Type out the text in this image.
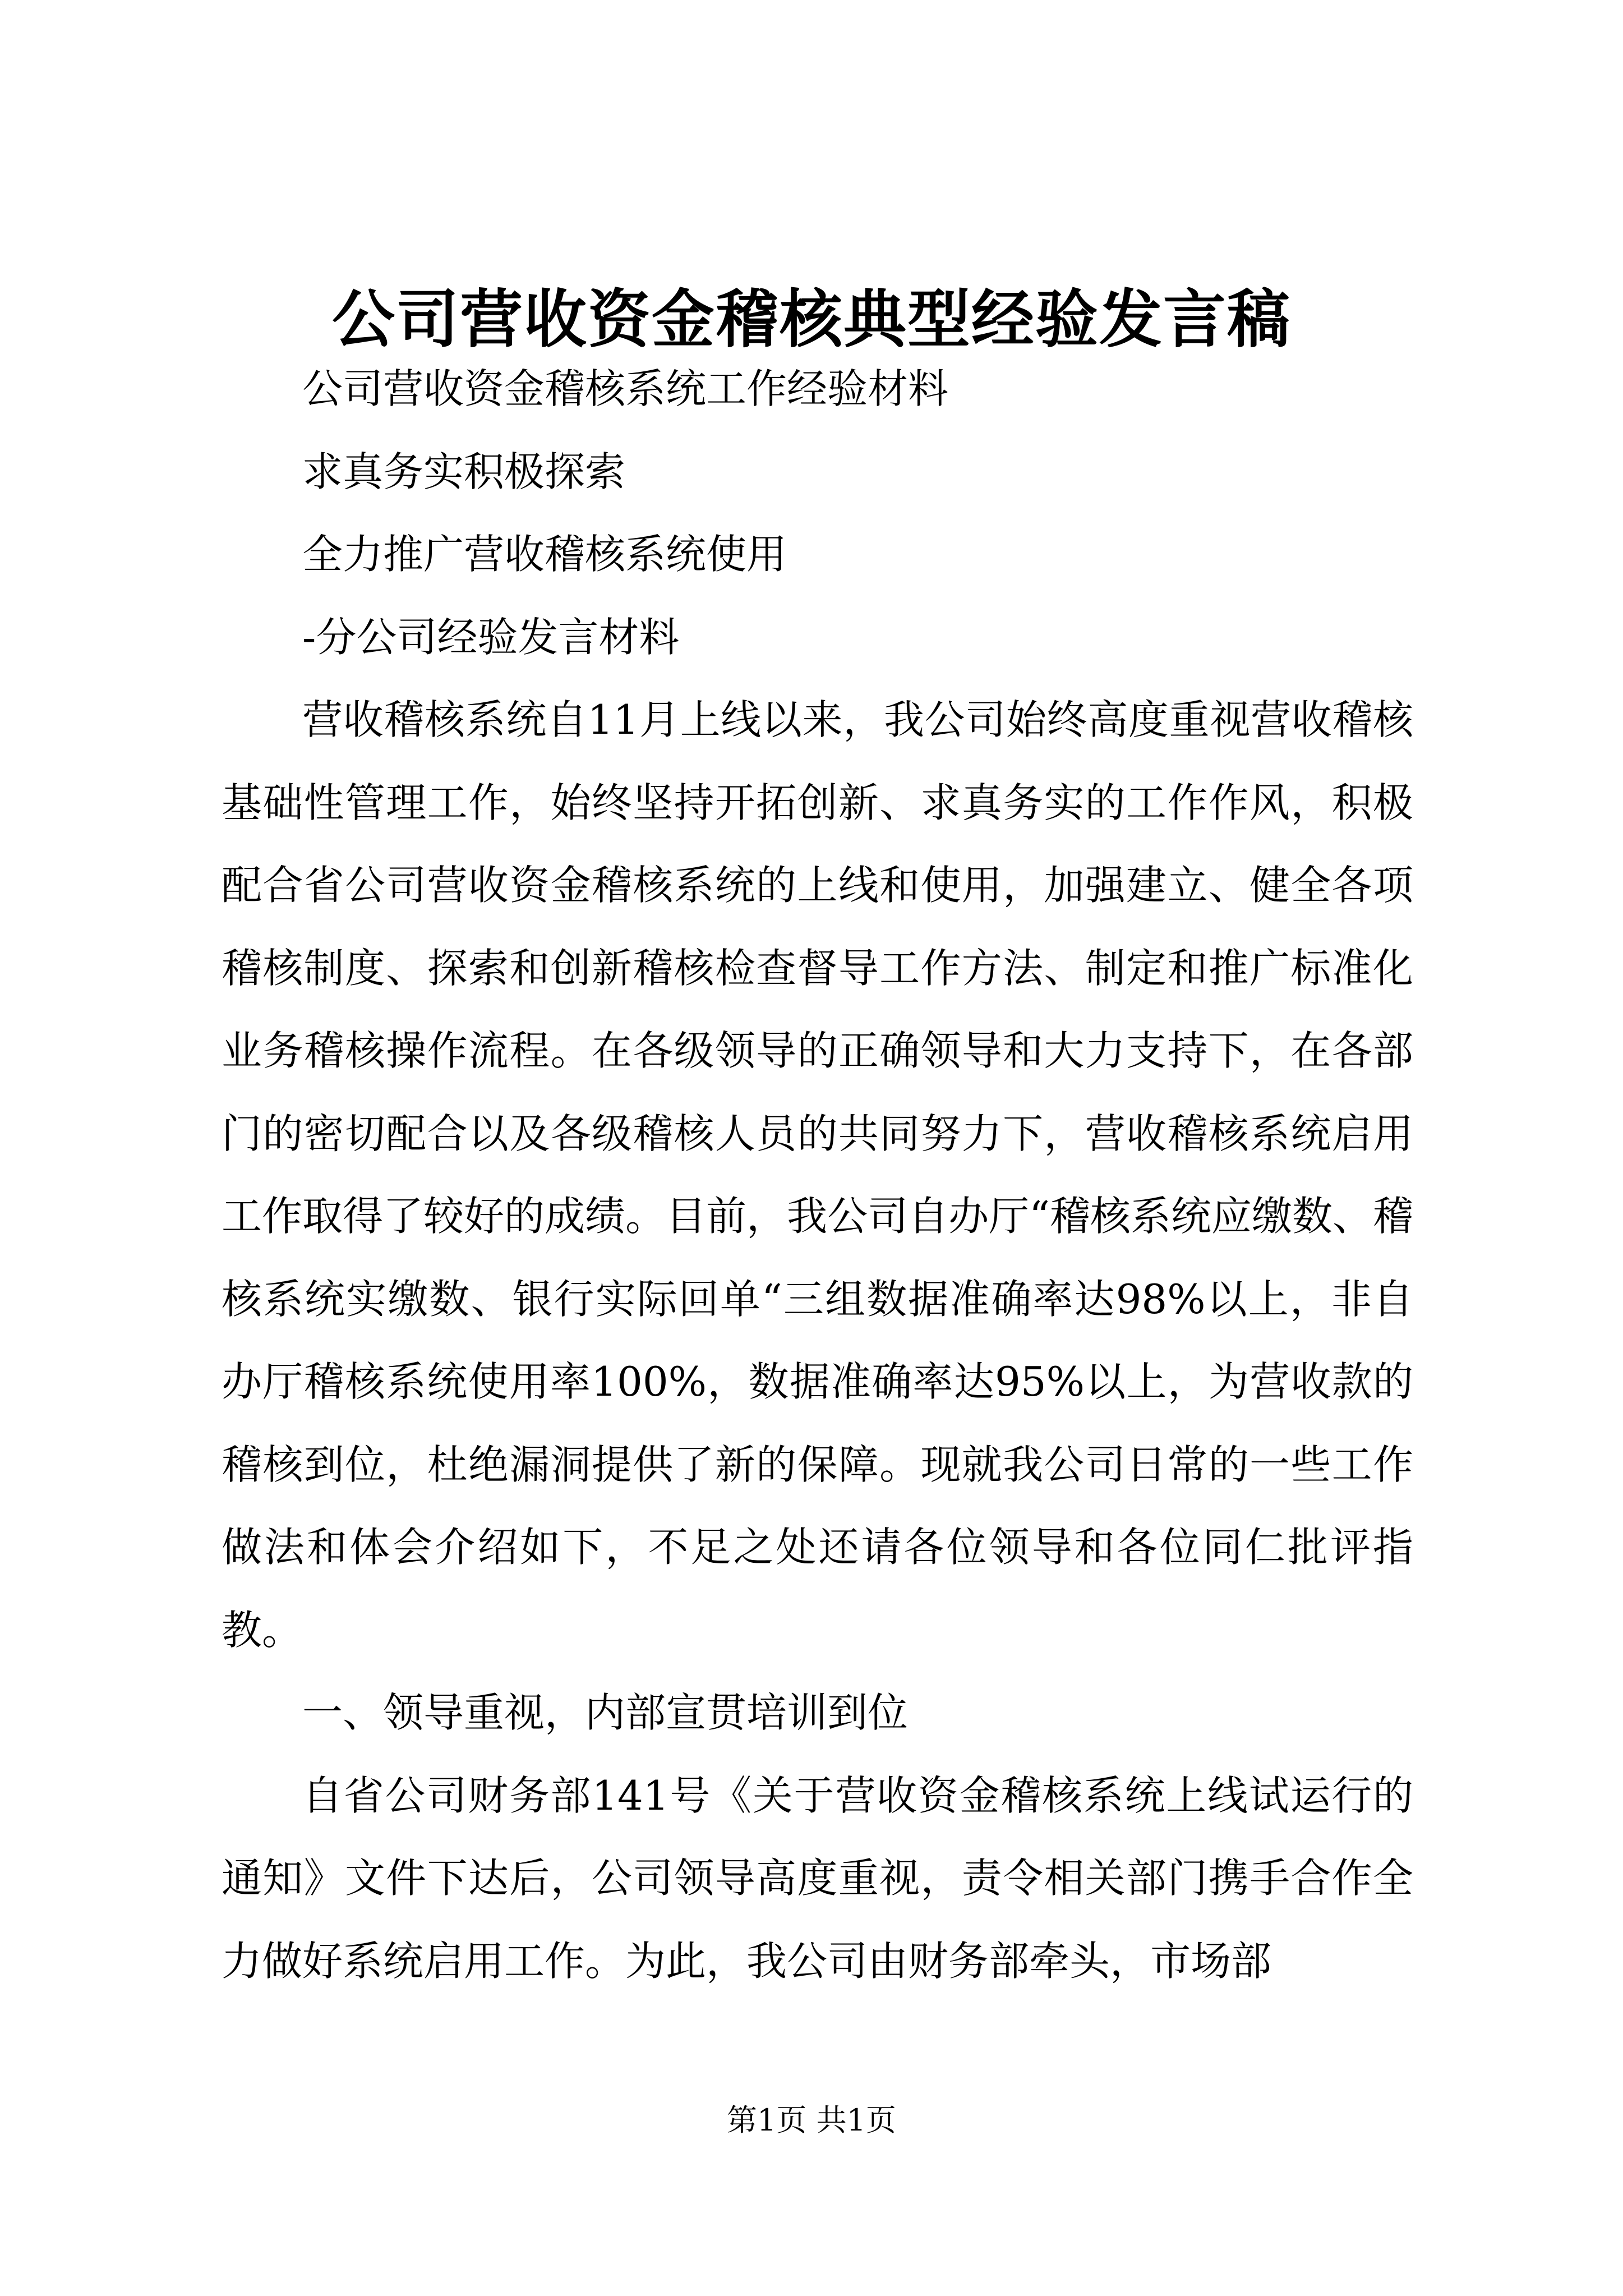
公司营收资金稽核典型经验发言稿

公司营收资金稽核系统工作经验材料

求真务实积极探索

全力推广营收稽核系统使用

-分公司经验发言材料

营收稽核系统自11月上线以来，我公司始终高度重视营收稽核基础性管理工作，始终坚持开拓创新、求真务实的工作作风，积极配合省公司营收资金稽核系统的上线和使用，加强建立、健全各项稽核制度、探索和创新稽核检查督导工作方法、制定和推广标准化业务稽核操作流程。在各级领导的正确领导和大力支持下，在各部门的密切配合以及各级稽核人员的共同努力下，营收稽核系统启用工作取得了较好的成绩。目前，我公司自办厅“稽核系统应缴数、稽核系统实缴数、银行实际回单“三组数据准确率达98%以上，非自办厅稽核系统使用率100%，数据准确率达95%以上，为营收款的稽核到位，杜绝漏洞提供了新的保障。现就我公司日常的一些工作做法和体会介绍如下，不足之处还请各位领导和各位同仁批评指教。

一、领导重视，内部宣贯培训到位

自省公司财务部141号《关于营收资金稽核系统上线试运行的通知》文件下达后，公司领导高度重视，责令相关部门携手合作全力做好系统启用工作。为此，我公司由财务部牵头，市场部

第1页 共1页
